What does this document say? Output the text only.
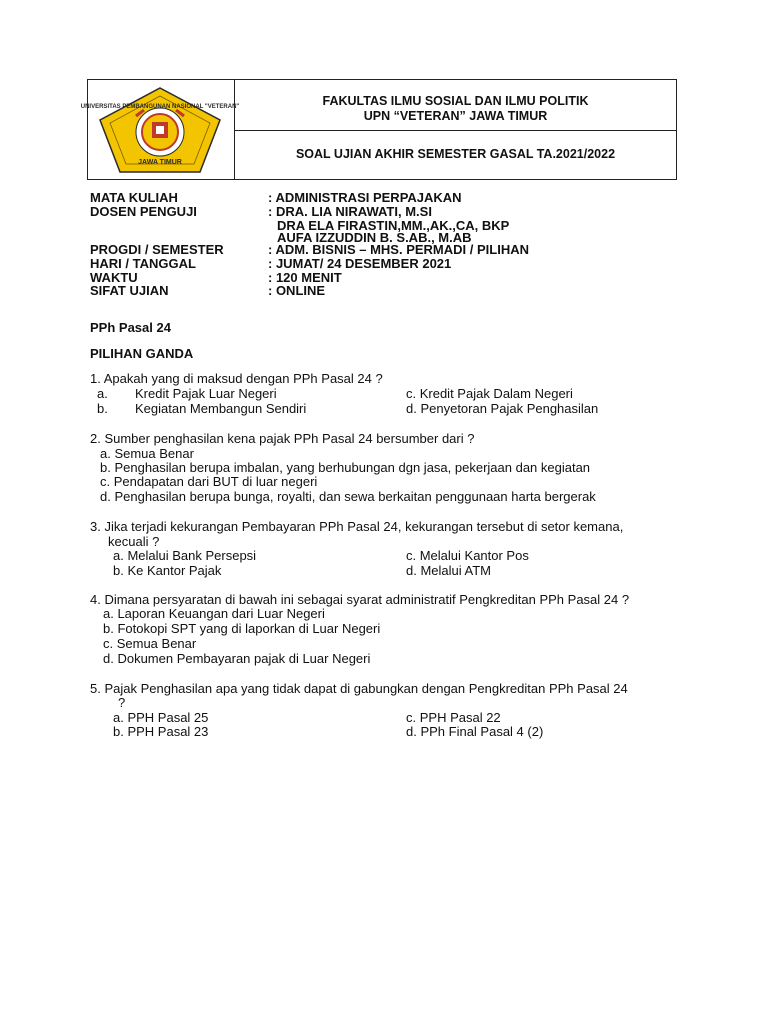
UNIVERSITAS PEMBANGUNAN NASIONAL "VETERAN"
JAWA TIMUR
FAKULTAS ILMU SOSIAL DAN ILMU POLITIK
UPN “VETERAN” JAWA TIMUR
SOAL UJIAN AKHIR SEMESTER GASAL TA.2021/2022
MATA KULIAH	: ADMINISTRASI PERPAJAKAN
DOSEN PENGUJI	: DRA. LIA NIRAWATI, M.SI
DRA ELA FIRASTIN,MM.,AK.,CA, BKP
AUFA IZZUDDIN B. S.AB., M.AB
PROGDI / SEMESTER	: ADM. BISNIS – MHS. PERMADI / PILIHAN
HARI / TANGGAL	: JUMAT/ 24 DESEMBER 2021
WAKTU	: 120 MENIT
SIFAT UJIAN	: ONLINE
PPh Pasal 24
PILIHAN GANDA
1. Apakah yang di maksud dengan PPh Pasal 24 ?
a. Kredit Pajak Luar Negeri	c. Kredit Pajak Dalam Negeri
b. Kegiatan Membangun Sendiri	d. Penyetoran Pajak Penghasilan
2. Sumber penghasilan kena pajak PPh Pasal 24 bersumber dari ?
a. Semua Benar
b. Penghasilan berupa imbalan, yang berhubungan dgn jasa, pekerjaan dan kegiatan
c. Pendapatan dari BUT di luar negeri
d. Penghasilan berupa bunga, royalti, dan sewa berkaitan penggunaan harta bergerak
3. Jika terjadi kekurangan Pembayaran PPh Pasal 24, kekurangan tersebut di setor kemana,
kecuali ?
a. Melalui Bank Persepsi	c. Melalui Kantor Pos
b. Ke Kantor Pajak	d. Melalui ATM
4. Dimana persyaratan di bawah ini sebagai syarat administratif Pengkreditan PPh Pasal 24 ?
a. Laporan Keuangan dari Luar Negeri
b. Fotokopi SPT yang di laporkan di Luar Negeri
c. Semua Benar
d. Dokumen Pembayaran pajak di Luar Negeri
5. Pajak Penghasilan apa yang tidak dapat di gabungkan dengan Pengkreditan PPh Pasal 24
?
a. PPH Pasal 25	c. PPH Pasal 22
b. PPH Pasal 23	d. PPh Final Pasal 4 (2)
